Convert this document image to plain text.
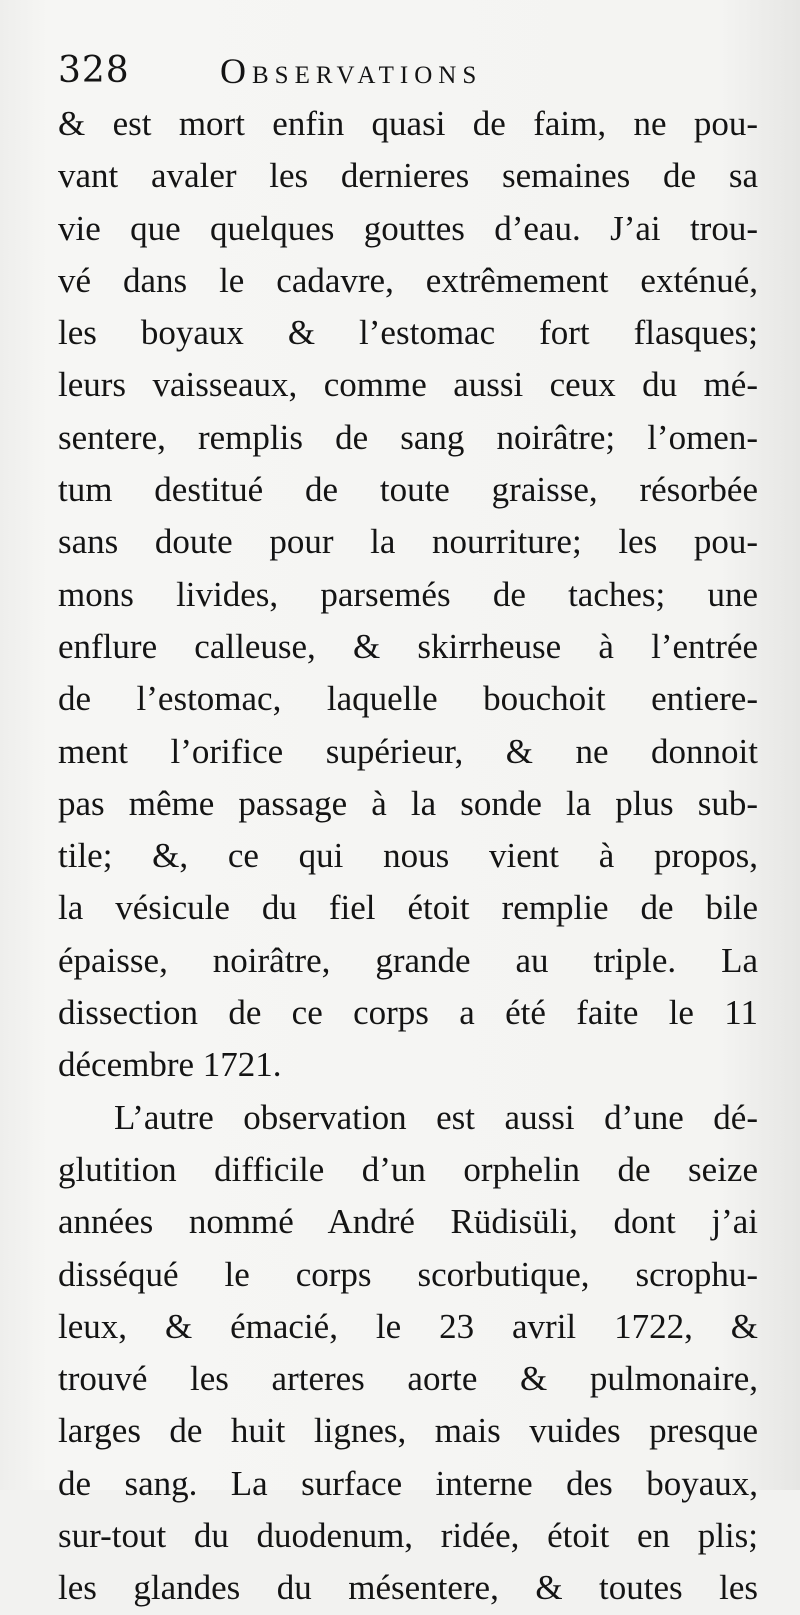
328	Observations
& est mort enfin quasi de faim, ne pou-
vant avaler les dernieres semaines de sa
vie que quelques gouttes d’eau. J’ai trou-
vé dans le cadavre, extrêmement exténué,
les boyaux & l’estomac fort flasques;
leurs vaisseaux, comme aussi ceux du mé-
sentere, remplis de sang noirâtre; l’omen-
tum destitué de toute graisse, résorbée
sans doute pour la nourriture; les pou-
mons livides, parsemés de taches; une
enflure calleuse, & skirrheuse à l’entrée
de l’estomac, laquelle bouchoit entiere-
ment l’orifice supérieur, & ne donnoit
pas même passage à la sonde la plus sub-
tile; &, ce qui nous vient à propos,
la vésicule du fiel étoit remplie de bile
épaisse, noirâtre, grande au triple. La
dissection de ce corps a été faite le 11
décembre 1721.
L’autre observation est aussi d’une dé-
glutition difficile d’un orphelin de seize
années nommé André Rüdisüli, dont j’ai
disséqué le corps scorbutique, scrophu-
leux, & émacié, le 23 avril 1722, &
trouvé les arteres aorte & pulmonaire,
larges de huit lignes, mais vuides presque
de sang. La surface interne des boyaux,
sur-tout du duodenum, ridée, étoit en plis;
les glandes du mésentere, & toutes les
